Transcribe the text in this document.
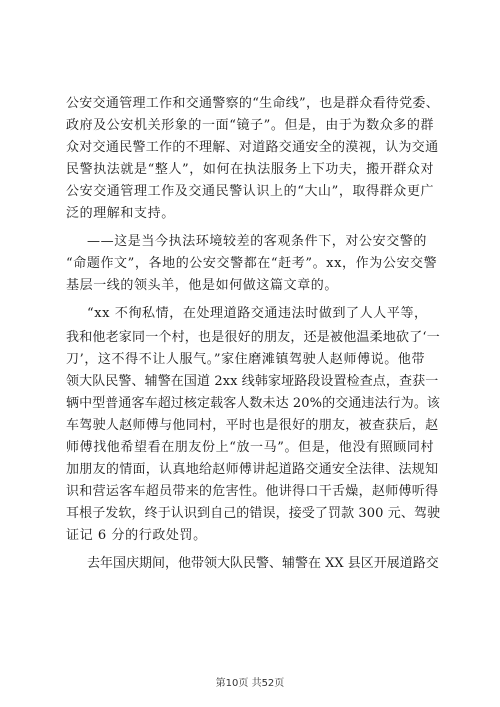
公安交通管理工作和交通警察的“生命线”，也是群众看待党委、
政府及公安机关形象的一面“镜子”。但是，由于为数众多的群
众对交通民警工作的不理解、对道路交通安全的漠视，认为交通
民警执法就是“整人”，如何在执法服务上下功夫，搬开群众对
公安交通管理工作及交通民警认识上的“大山”，取得群众更广
泛的理解和支持。
——这是当今执法环境较差的客观条件下，对公安交警的
“命题作文”，各地的公安交警都在“赶考”。xx，作为公安交警
基层一线的领头羊，他是如何做这篇文章的。
“xx 不徇私情，在处理道路交通违法时做到了人人平等，
我和他老家同一个村，也是很好的朋友，还是被他温柔地砍了‘一
刀’，这不得不让人服气。”家住磨滩镇驾驶人赵师傅说。他带
领大队民警、辅警在国道 2xx 线韩家垭路段设置检查点，查获一
辆中型普通客车超过核定载客人数未达 20%的交通违法行为。该
车驾驶人赵师傅与他同村，平时也是很好的朋友，被查获后，赵
师傅找他希望看在朋友份上“放一马”。但是，他没有照顾同村
加朋友的情面，认真地给赵师傅讲起道路交通安全法律、法规知
识和营运客车超员带来的危害性。他讲得口干舌燥，赵师傅听得
耳根子发软，终于认识到自己的错误，接受了罚款 300 元、驾驶
证记 6 分的行政处罚。
去年国庆期间，他带领大队民警、辅警在 XX 县区开展道路交
第10页 共52页
